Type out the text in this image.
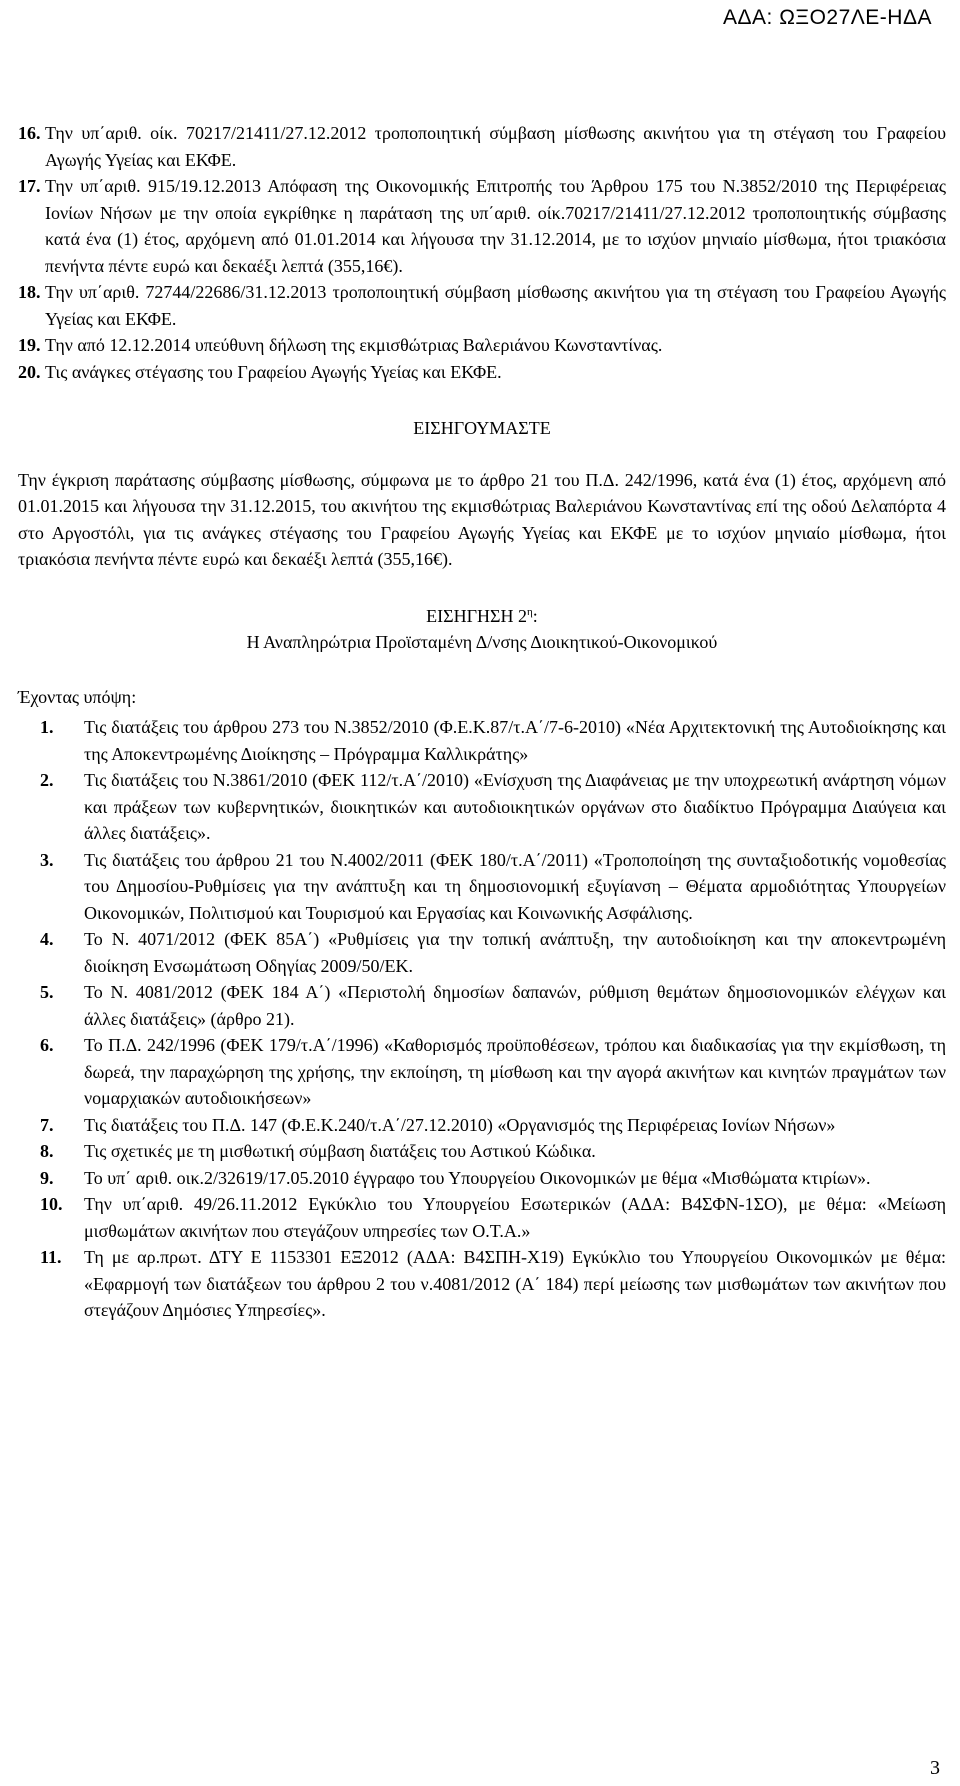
ΑΔΑ: ΩΞΟ27ΛΕ-ΗΔΑ
16. Την υπ΄αριθ. οίκ. 70217/21411/27.12.2012 τροποποιητική σύμβαση μίσθωσης ακινήτου για τη στέγαση του Γραφείου Αγωγής Υγείας και ΕΚΦΕ.
17. Την υπ΄αριθ. 915/19.12.2013 Απόφαση της Οικονομικής Επιτροπής του Άρθρου 175 του Ν.3852/2010 της Περιφέρειας Ιονίων Νήσων με την οποία εγκρίθηκε η παράταση της υπ΄αριθ. οίκ.70217/21411/27.12.2012 τροποποιητικής σύμβασης κατά ένα (1) έτος, αρχόμενη από 01.01.2014 και λήγουσα την 31.12.2014, με το ισχύον μηνιαίο μίσθωμα, ήτοι τριακόσια πενήντα πέντε ευρώ και δεκαέξι λεπτά (355,16€).
18. Την υπ΄αριθ. 72744/22686/31.12.2013 τροποποιητική σύμβαση μίσθωσης ακινήτου για τη στέγαση του Γραφείου Αγωγής Υγείας και ΕΚΦΕ.
19. Την από 12.12.2014 υπεύθυνη δήλωση της εκμισθώτριας Βαλεριάνου Κωνσταντίνας.
20. Τις ανάγκες στέγασης του Γραφείου Αγωγής Υγείας και ΕΚΦΕ.
ΕΙΣΗΓΟΥΜΑΣΤΕ
Την έγκριση παράτασης σύμβασης μίσθωσης, σύμφωνα με το άρθρο 21 του Π.Δ. 242/1996, κατά ένα (1) έτος, αρχόμενη από 01.01.2015 και λήγουσα την 31.12.2015, του ακινήτου της εκμισθώτριας Βαλεριάνου Κωνσταντίνας επί της οδού Δελαπόρτα 4 στο Αργοστόλι, για τις ανάγκες στέγασης του Γραφείου Αγωγής Υγείας και ΕΚΦΕ με το ισχύον μηνιαίο μίσθωμα, ήτοι τριακόσια πενήντα πέντε ευρώ και δεκαέξι λεπτά (355,16€).
ΕΙΣΗΓΗΣΗ $2^\eta$:
Η Αναπληρώτρια Προϊσταμένη Δ/νσης Διοικητικού-Οικονομικού
Έχοντας υπόψη:
1.	Τις διατάξεις του άρθρου 273 του Ν.3852/2010 (Φ.Ε.Κ.87/τ.Α΄/7-6-2010) «Νέα Αρχιτεκτονική της Αυτοδιοίκησης και της Αποκεντρωμένης Διοίκησης – Πρόγραμμα Καλλικράτης»
2.	Τις διατάξεις του Ν.3861/2010 (ΦΕΚ 112/τ.Α΄/2010) «Ενίσχυση της Διαφάνειας με την υποχρεωτική ανάρτηση νόμων και πράξεων των κυβερνητικών, διοικητικών και αυτοδιοικητικών οργάνων στο διαδίκτυο Πρόγραμμα Διαύγεια και άλλες διατάξεις».
3.	Τις διατάξεις του άρθρου 21 του Ν.4002/2011 (ΦΕΚ 180/τ.Α΄/2011) «Τροποποίηση της συνταξιοδοτικής νομοθεσίας του Δημοσίου-Ρυθμίσεις για την ανάπτυξη και τη δημοσιονομική εξυγίανση – Θέματα αρμοδιότητας Υπουργείων Οικονομικών, Πολιτισμού και Τουρισμού και Εργασίας και Κοινωνικής Ασφάλισης.
4.	Το Ν. 4071/2012 (ΦΕΚ 85Α΄) «Ρυθμίσεις για την τοπική ανάπτυξη, την αυτοδιοίκηση και την αποκεντρωμένη διοίκηση Ενσωμάτωση Οδηγίας 2009/50/ΕΚ.
5.	Το Ν. 4081/2012 (ΦΕΚ 184 Α΄) «Περιστολή δημοσίων δαπανών, ρύθμιση θεμάτων δημοσιονομικών ελέγχων και άλλες διατάξεις» (άρθρο 21).
6.	Το Π.Δ. 242/1996 (ΦΕΚ 179/τ.Α΄/1996) «Καθορισμός προϋποθέσεων, τρόπου και διαδικασίας για την εκμίσθωση, τη δωρεά, την παραχώρηση της χρήσης, την εκποίηση, τη μίσθωση και την αγορά ακινήτων και κινητών πραγμάτων των νομαρχιακών αυτοδιοικήσεων»
7.	Τις διατάξεις του Π.Δ. 147 (Φ.Ε.Κ.240/τ.Α΄/27.12.2010) «Οργανισμός της Περιφέρειας Ιονίων Νήσων»
8.	Τις σχετικές με τη μισθωτική σύμβαση διατάξεις του Αστικού Κώδικα.
9.	Το υπ΄ αριθ. οικ.2/32619/17.05.2010 έγγραφο του Υπουργείου Οικονομικών με θέμα «Μισθώματα κτιρίων».
10.	Την υπ΄αριθ. 49/26.11.2012 Εγκύκλιο του Υπουργείου Εσωτερικών (ΑΔΑ: Β4ΣΦΝ-1ΣΟ), με θέμα: «Μείωση μισθωμάτων ακινήτων που στεγάζουν υπηρεσίες των Ο.Τ.Α.»
11.	Τη με αρ.πρωτ. ΔΤΥ Ε 1153301 ΕΞ2012 (ΑΔΑ: Β4ΣΠΗ-Χ19) Εγκύκλιο του Υπουργείου Οικονομικών με θέμα: «Εφαρμογή των διατάξεων του άρθρου 2 του ν.4081/2012 (Α΄ 184) περί μείωσης των μισθωμάτων των ακινήτων που στεγάζουν Δημόσιες Υπηρεσίες».
3
